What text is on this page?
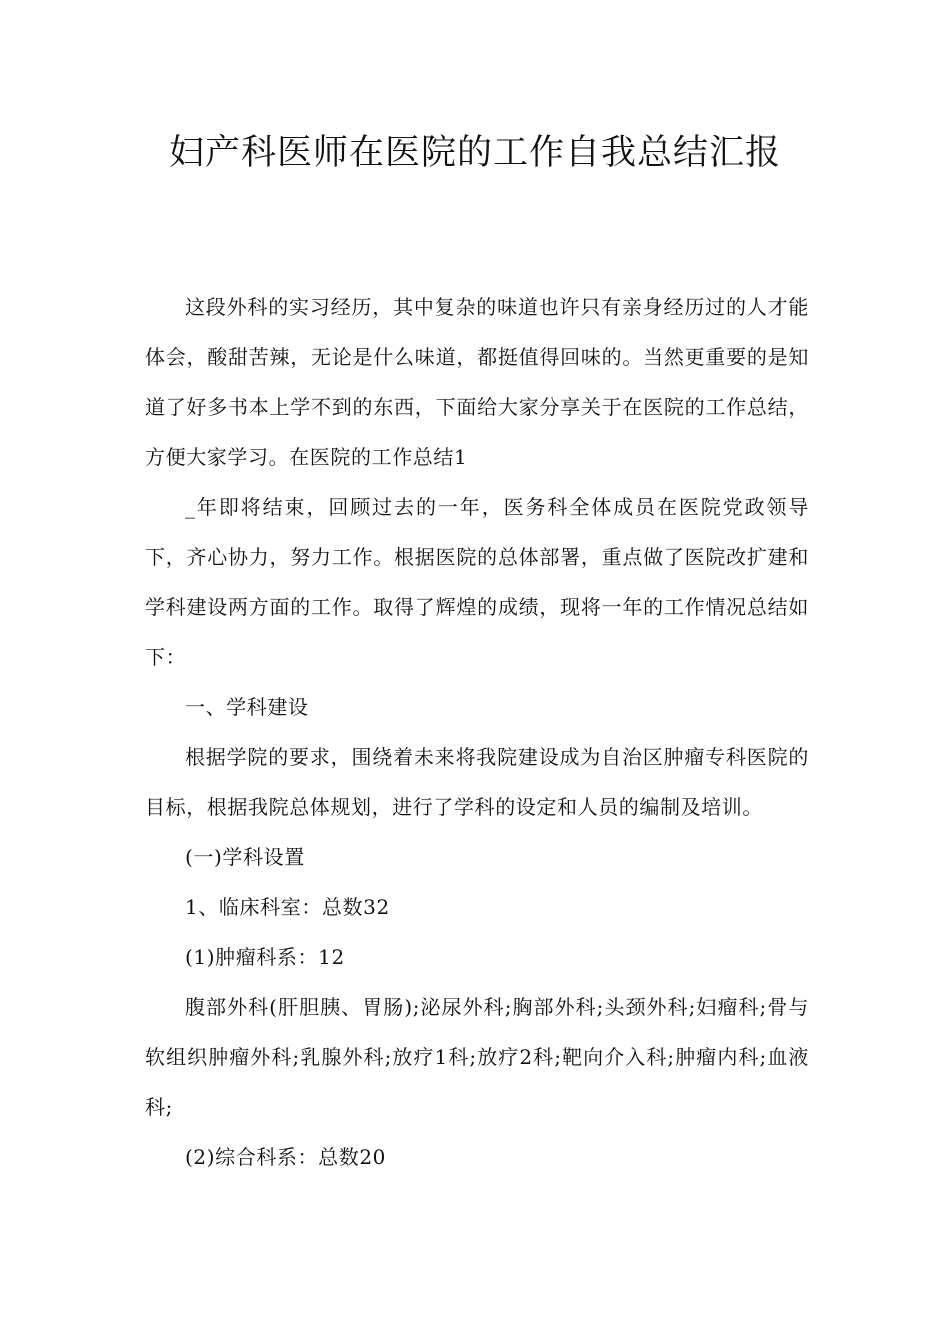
妇产科医师在医院的工作自我总结汇报

这段外科的实习经历，其中复杂的味道也许只有亲身经历过的人才能体会，酸甜苦辣，无论是什么味道，都挺值得回味的。当然更重要的是知道了好多书本上学不到的东西，下面给大家分享关于在医院的工作总结，方便大家学习。在医院的工作总结1

_年即将结束，回顾过去的一年，医务科全体成员在医院党政领导下，齐心协力，努力工作。根据医院的总体部署，重点做了医院改扩建和学科建设两方面的工作。取得了辉煌的成绩，现将一年的工作情况总结如下：

一、学科建设

根据学院的要求，围绕着未来将我院建设成为自治区肿瘤专科医院的目标，根据我院总体规划，进行了学科的设定和人员的编制及培训。

(一)学科设置

1、临床科室：总数32

(1)肿瘤科系：12

腹部外科(肝胆胰、胃肠);泌尿外科;胸部外科;头颈外科;妇瘤科;骨与软组织肿瘤外科;乳腺外科;放疗1科;放疗2科;靶向介入科;肿瘤内科;血液科;

(2)综合科系：总数20
